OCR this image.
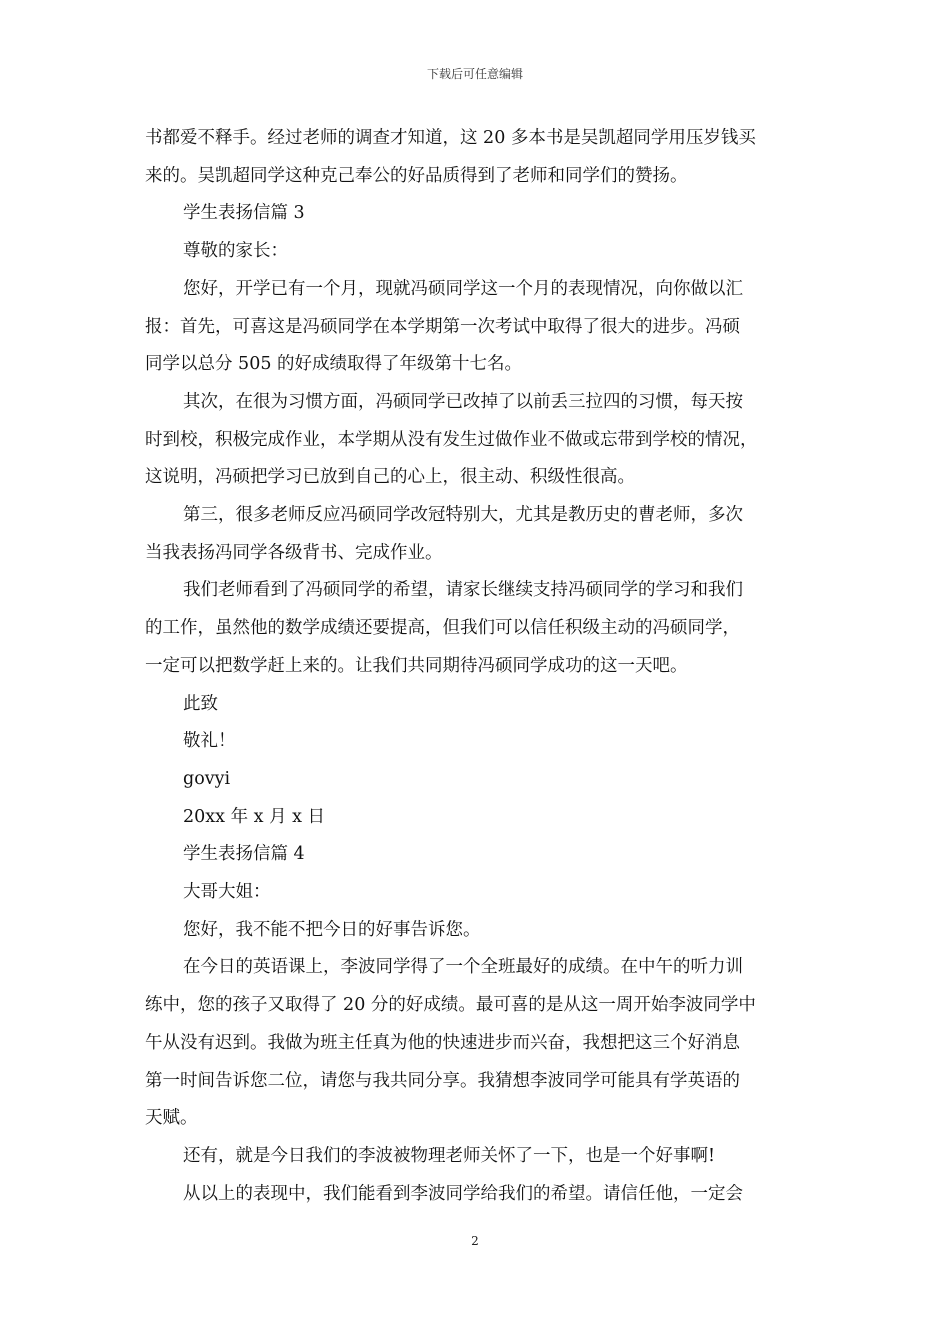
下载后可任意编辑
书都爱不释手。经过老师的调查才知道，这 20 多本书是吴凯超同学用压岁钱买
来的。吴凯超同学这种克己奉公的好品质得到了老师和同学们的赞扬。
学生表扬信篇 3
尊敬的家长：
您好，开学已有一个月，现就冯硕同学这一个月的表现情况，向你做以汇
报：首先，可喜这是冯硕同学在本学期第一次考试中取得了很大的进步。冯硕
同学以总分 505 的好成绩取得了年级第十七名。
其次，在很为习惯方面，冯硕同学已改掉了以前丢三拉四的习惯，每天按
时到校，积极完成作业，本学期从没有发生过做作业不做或忘带到学校的情况，
这说明，冯硕把学习已放到自己的心上，很主动、积级性很高。
第三，很多老师反应冯硕同学改冠特别大，尤其是教历史的曹老师，多次
当我表扬冯同学各级背书、完成作业。
我们老师看到了冯硕同学的希望，请家长继续支持冯硕同学的学习和我们
的工作，虽然他的数学成绩还要提高，但我们可以信任积级主动的冯硕同学，
一定可以把数学赶上来的。让我们共同期待冯硕同学成功的这一天吧。
此致
敬礼！
govyi
20xx 年 x 月 x 日
学生表扬信篇 4
大哥大姐：
您好，我不能不把今日的好事告诉您。
在今日的英语课上，李波同学得了一个全班最好的成绩。在中午的听力训
练中，您的孩子又取得了 20 分的好成绩。最可喜的是从这一周开始李波同学中
午从没有迟到。我做为班主任真为他的快速进步而兴奋，我想把这三个好消息
第一时间告诉您二位，请您与我共同分享。我猜想李波同学可能具有学英语的
天赋。
还有，就是今日我们的李波被物理老师关怀了一下，也是一个好事啊!
从以上的表现中，我们能看到李波同学给我们的希望。请信任他，一定会
2
